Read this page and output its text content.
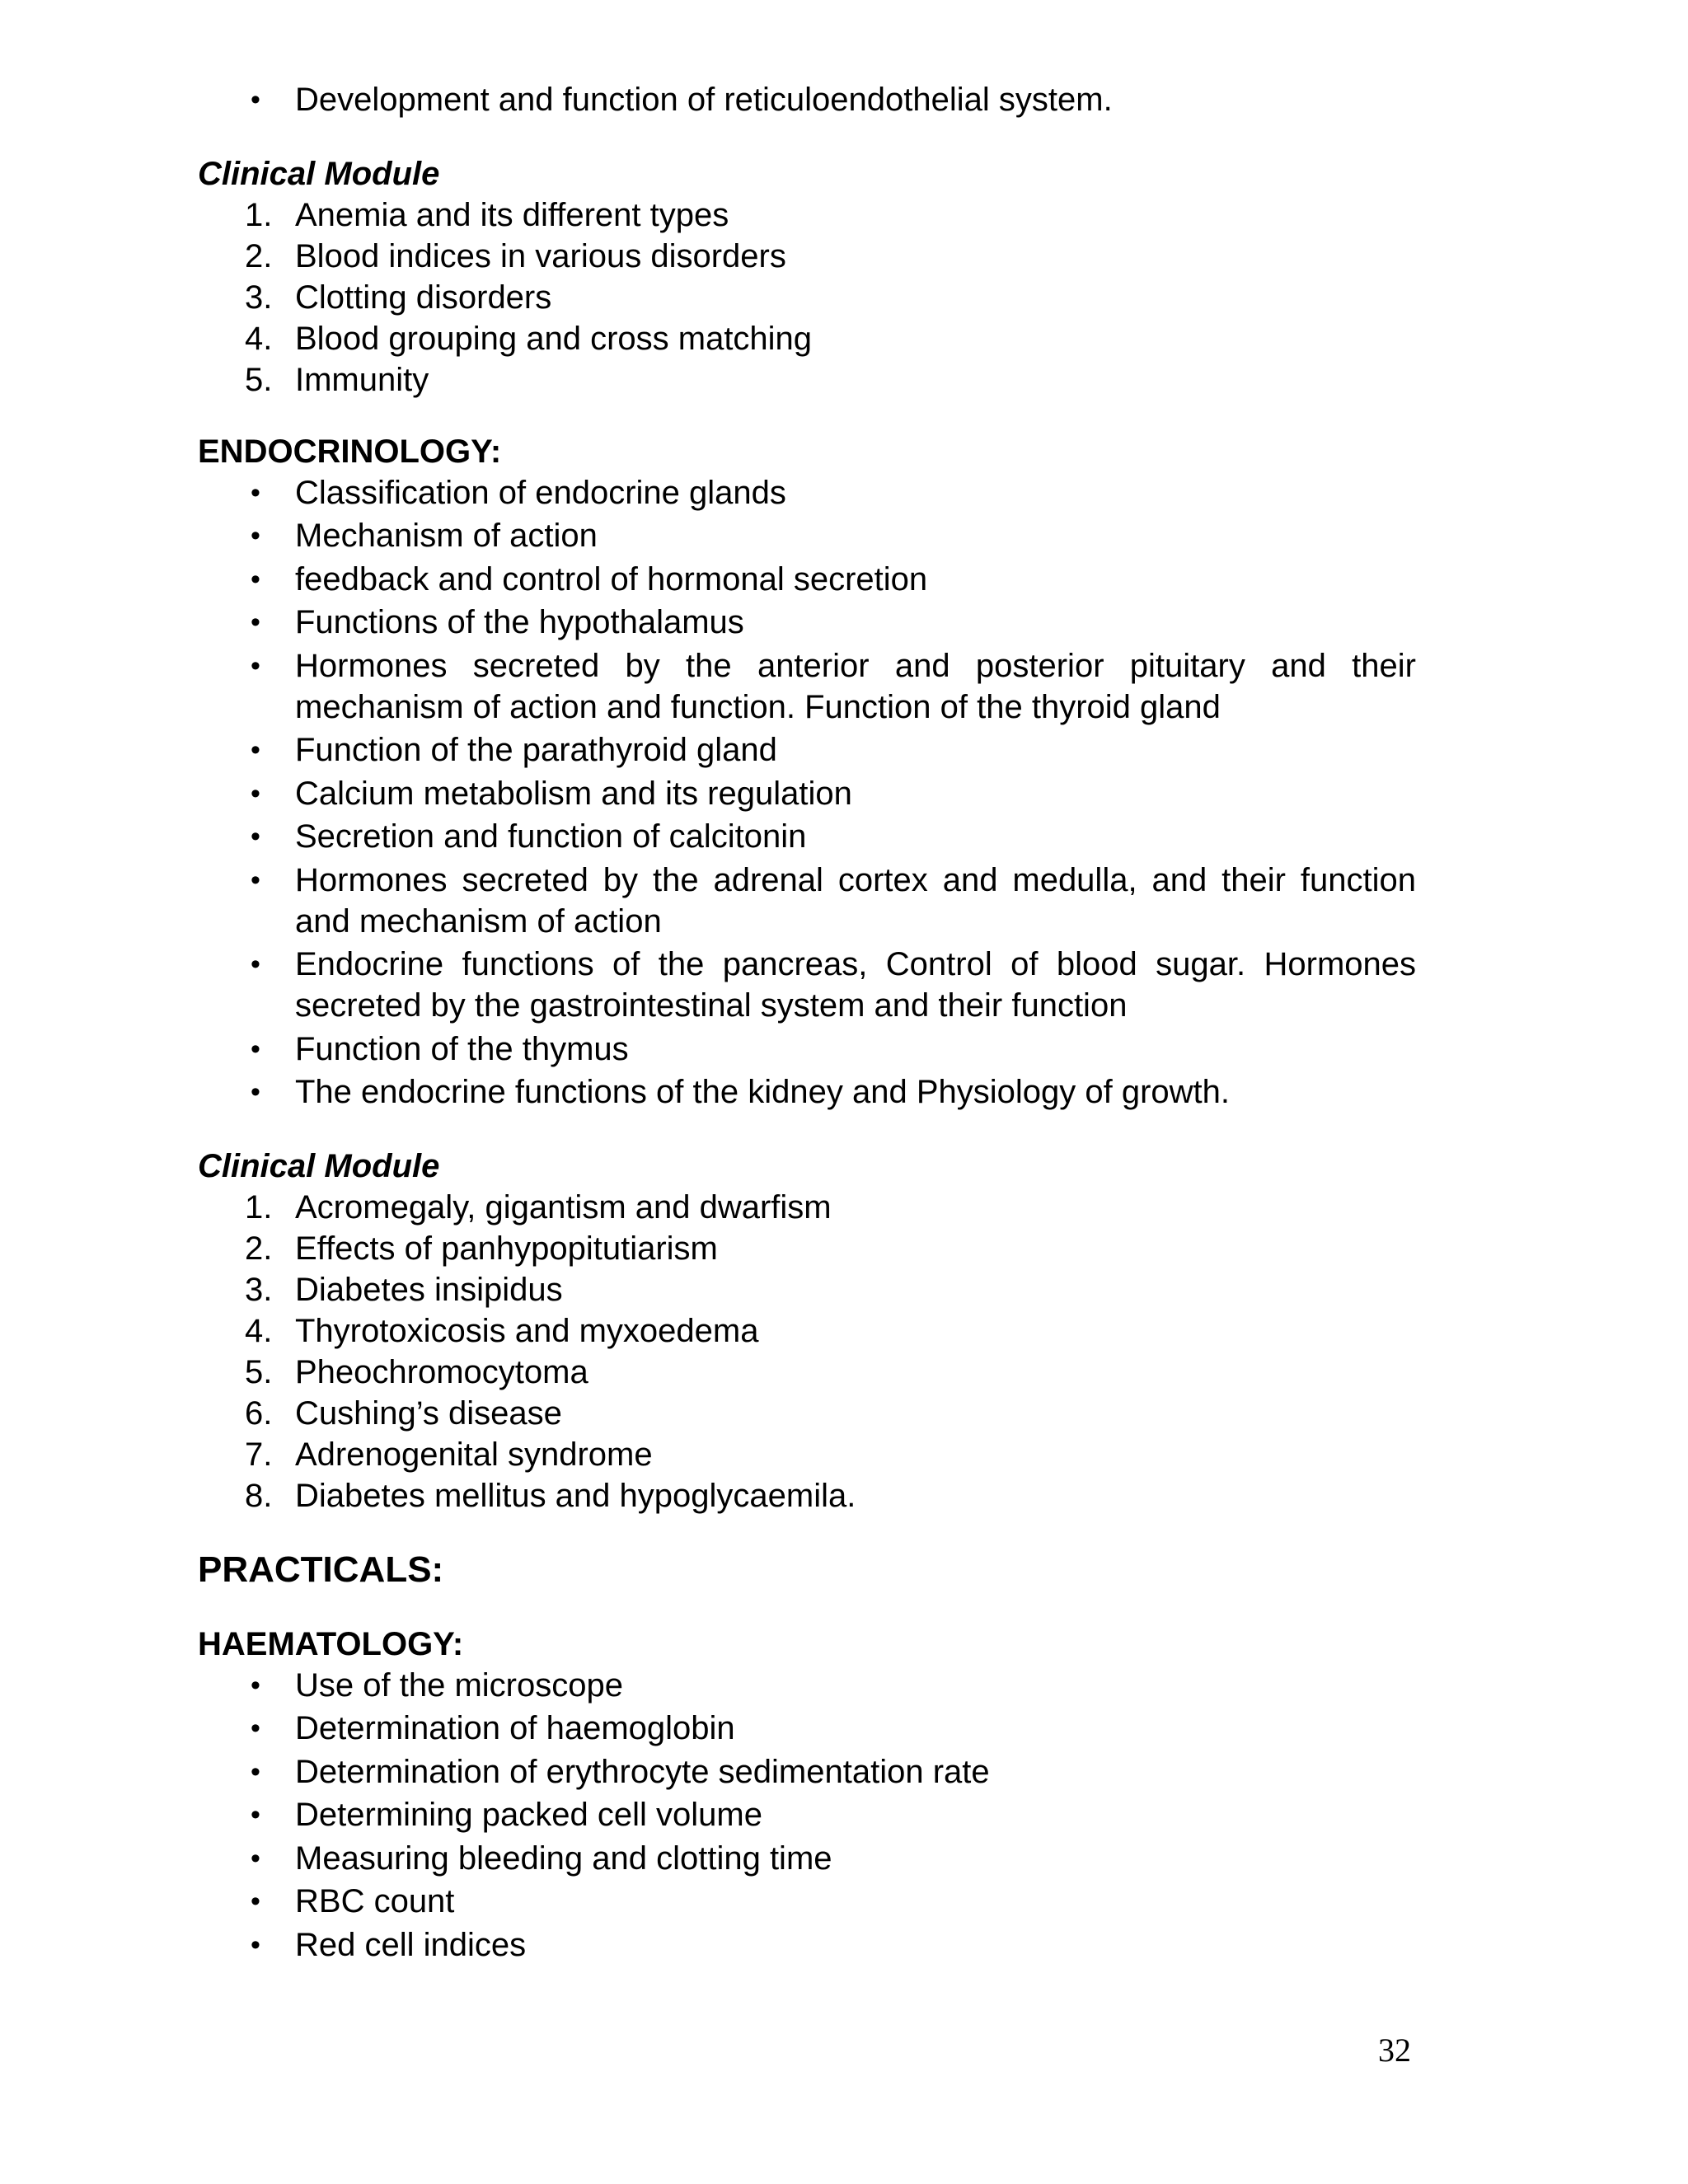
• Development and function of reticuloendothelial system.

Clinical Module

1. Anemia and its different types
2. Blood indices in various disorders
3. Clotting disorders
4. Blood grouping and cross matching
5. Immunity

ENDOCRINOLOGY:

• Classification of endocrine glands
• Mechanism of action
• feedback and control of hormonal secretion
• Functions of the hypothalamus
• Hormones secreted by the anterior and posterior pituitary and their mechanism of action and function. Function of the thyroid gland
• Function of the parathyroid gland
• Calcium metabolism and its regulation
• Secretion and function of calcitonin
• Hormones secreted by the adrenal cortex and medulla, and their function and mechanism of action
• Endocrine functions of the pancreas, Control of blood sugar. Hormones secreted by the gastrointestinal system and their function
• Function of the thymus
• The endocrine functions of the kidney and Physiology of growth.

Clinical Module

1. Acromegaly, gigantism and dwarfism
2. Effects of panhypopitutiarism
3. Diabetes insipidus
4. Thyrotoxicosis and myxoedema
5. Pheochromocytoma
6. Cushing’s disease
7. Adrenogenital syndrome
8. Diabetes mellitus and hypoglycaemila.

PRACTICALS:

HAEMATOLOGY:

• Use of the microscope
• Determination of haemoglobin
• Determination of erythrocyte sedimentation rate
• Determining packed cell volume
• Measuring bleeding and clotting time
• RBC count
• Red cell indices
32
